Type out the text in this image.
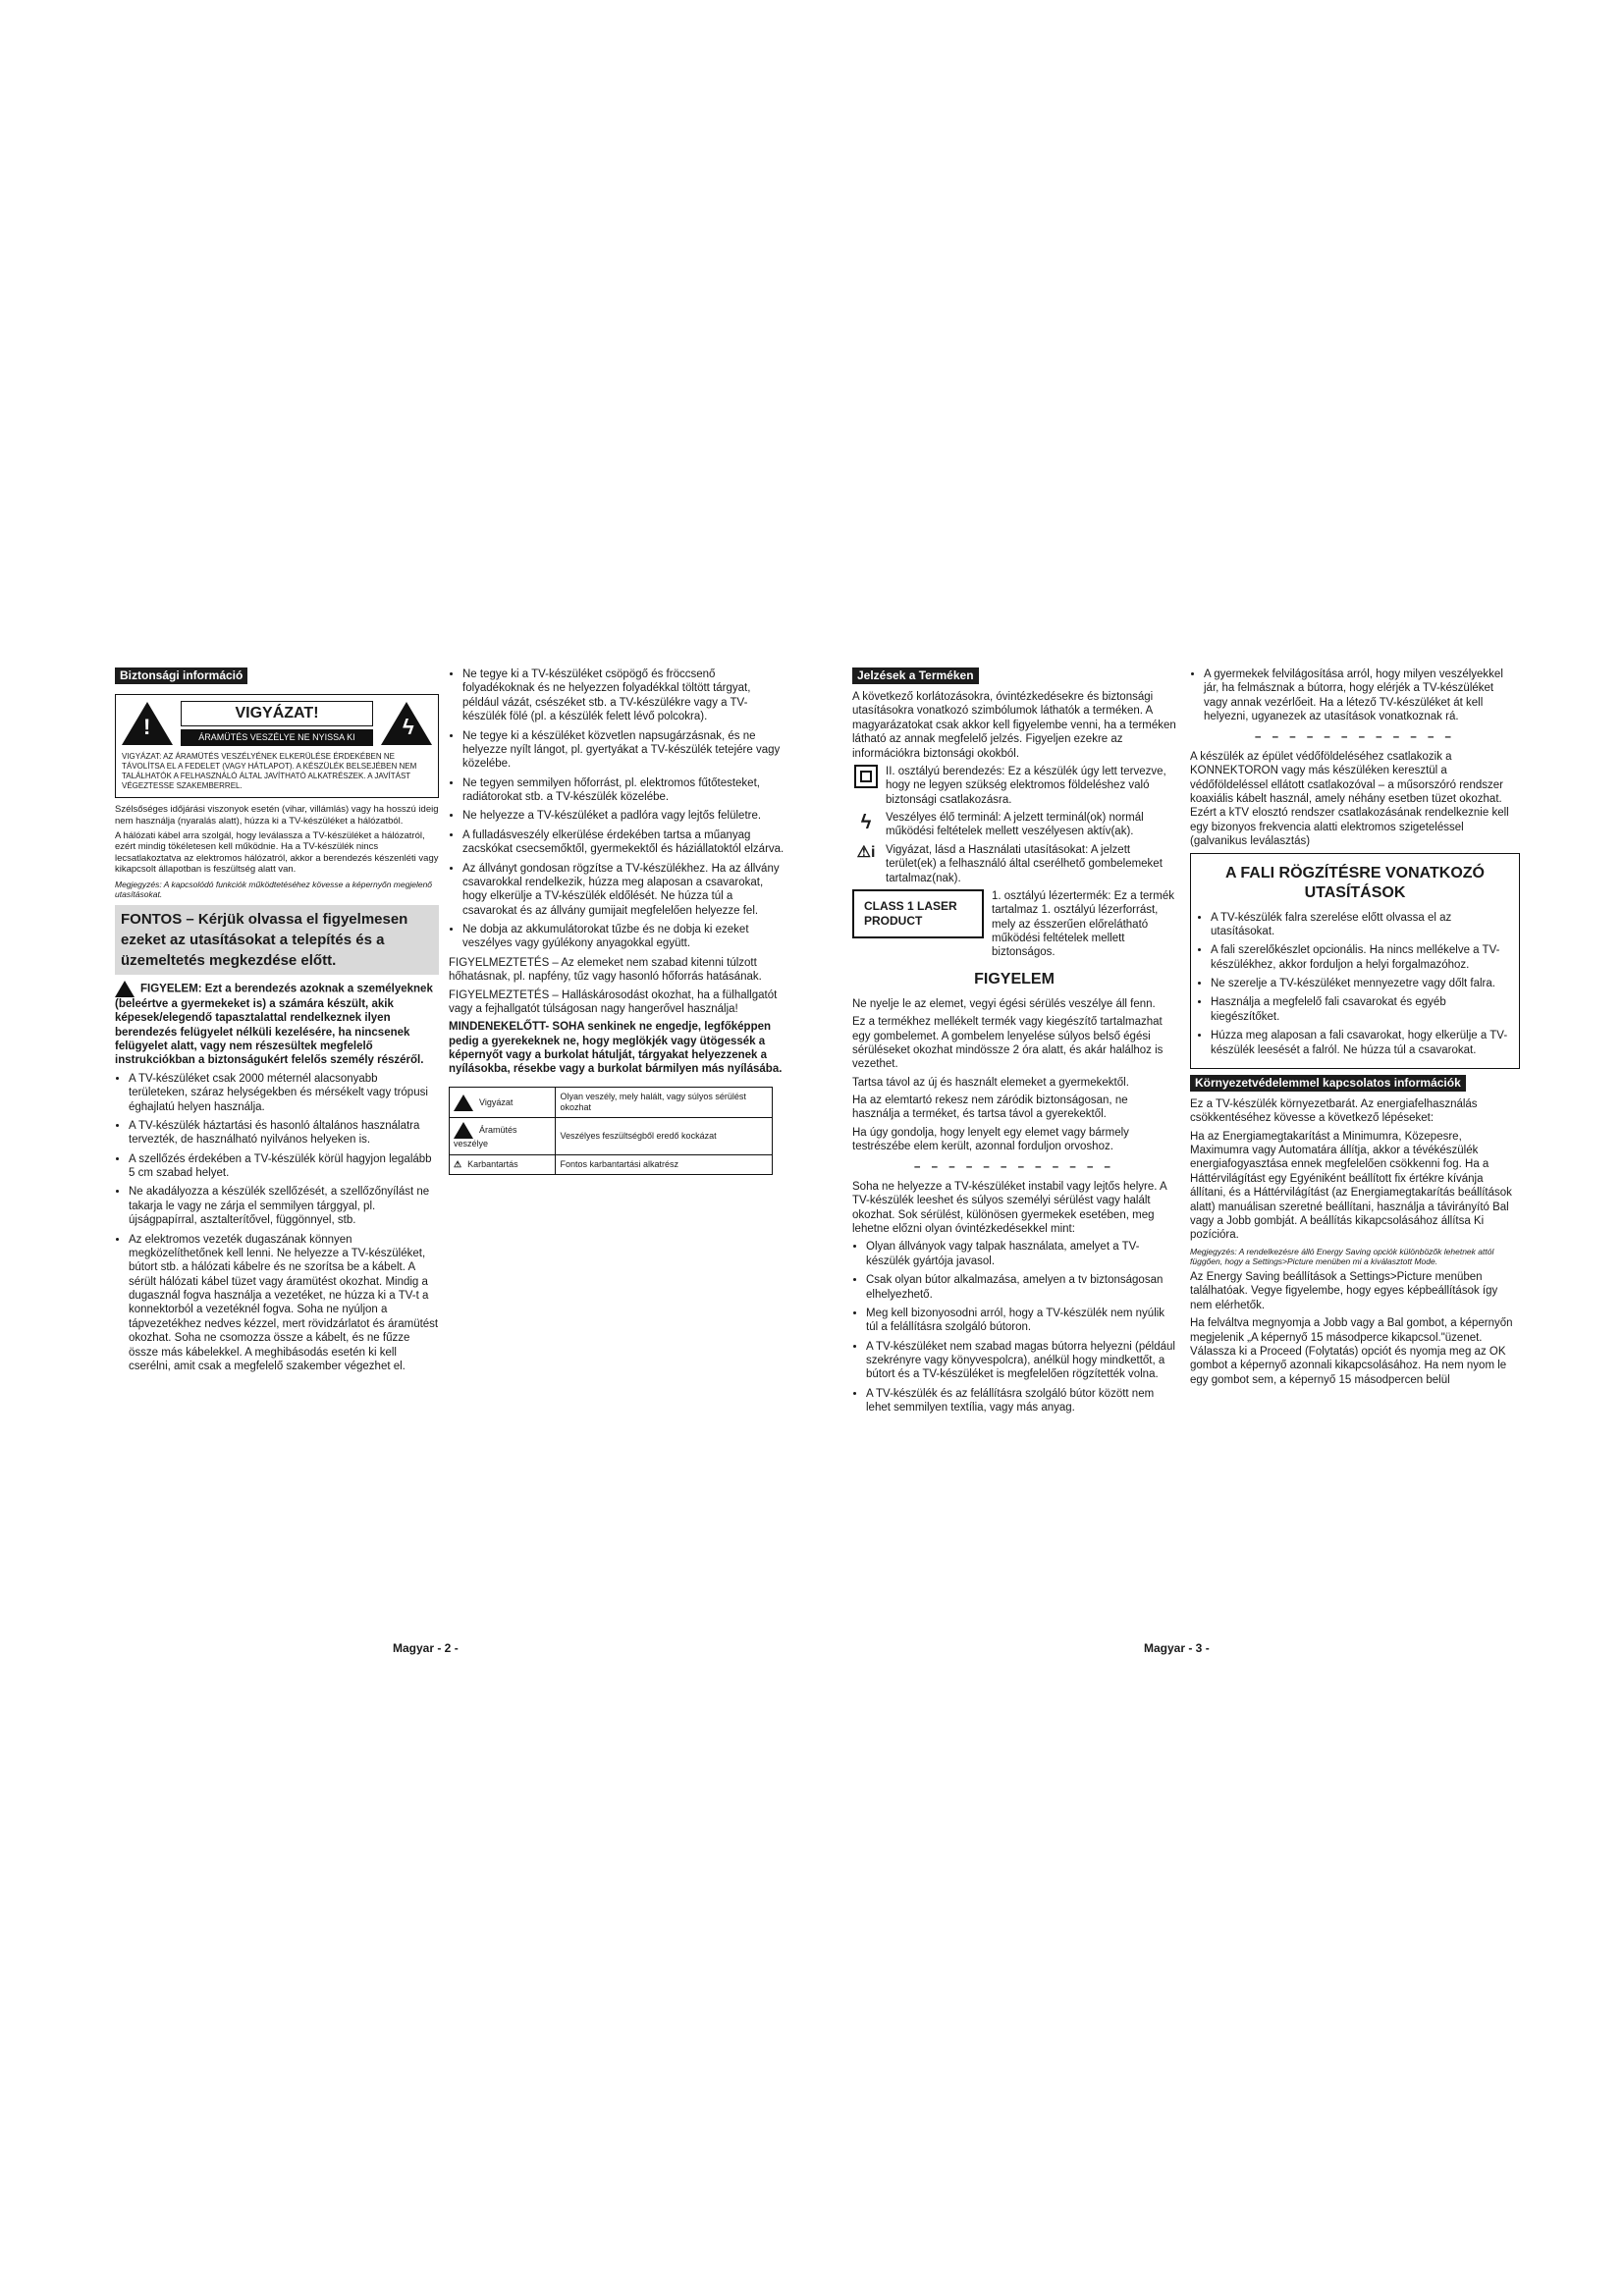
Biztonsági információ
!
VIGYÁZAT!
ÁRAMÜTÉS VESZÉLYE NE NYISSA KI	ϟ
VIGYÁZAT: AZ ÁRAMÜTÉS VESZÉLYÉNEK ELKERÜLÉSE ÉRDEKÉBEN NE TÁVOLÍTSA EL A FEDELET (VAGY HÁTLAPOT). A KÉSZÜLÉK BELSEJÉBEN NEM TALÁLHATÓK A FELHASZNÁLÓ ÁLTAL JAVÍTHATÓ ALKATRÉSZEK. A JAVÍTÁST VÉGEZTESSE SZAKEMBERREL.

Szélsőséges időjárási viszonyok esetén (vihar, villámlás) vagy ha hosszú ideig nem használja (nyaralás alatt), húzza ki a TV-készüléket a hálózatból.

A hálózati kábel arra szolgál, hogy leválassza a TV-készüléket a hálózatról, ezért mindig tökéletesen kell működnie. Ha a TV-készülék nincs lecsatlakoztatva az elektromos hálózatról, akkor a berendezés készenléti vagy kikapcsolt állapotban is feszültség alatt van.

Megjegyzés: A kapcsolódó funkciók működtetéséhez kövesse a képernyőn megjelenő utasításokat.

FONTOS – Kérjük olvassa el figyelmesen ezeket az utasításokat a telepítés és a üzemeltetés megkezdése előtt.

FIGYELEM: Ezt a berendezés azoknak a személyeknek (beleértve a gyermekeket is) a számára készült, akik képesek/elegendő tapasztalattal rendelkeznek ilyen berendezés felügyelet nélküli kezelésére, ha nincsenek felügyelet alatt, vagy nem részesültek megfelelő instrukciókban a biztonságukért felelős személy részéről.

• A TV-készüléket csak 2000 méternél alacsonyabb területeken, száraz helységekben és mérsékelt vagy trópusi éghajlatú helyen használja.
• A TV-készülék háztartási és hasonló általános használatra tervezték, de használható nyilvános helyeken is.
• A szellőzés érdekében a TV-készülék körül hagyjon legalább 5 cm szabad helyet.
• Ne akadályozza a készülék szellőzését, a szellőzőnyílást ne takarja le vagy ne zárja el semmilyen tárggyal, pl. újságpapírral, asztalterítővel, függönnyel, stb.
• Az elektromos vezeték dugaszának könnyen megközelíthetőnek kell lenni. Ne helyezze a TV-készüléket, bútort stb. a hálózati kábelre és ne szorítsa be a kábelt. A sérült hálózati kábel tüzet vagy áramütést okozhat. Mindig a dugasznál fogva használja a vezetéket, ne húzza ki a TV-t a konnektorból a vezetéknél fogva. Soha ne nyúljon a tápvezetékhez nedves kézzel, mert rövidzárlatot és áramütést okozhat. Soha ne csomozza össze a kábelt, és ne fűzze össze más kábelekkel. A meghibásodás esetén ki kell cserélni, amit csak a megfelelő szakember végezhet el.
• Ne tegye ki a TV-készüléket csöpögő és fröccsenő folyadékoknak és ne helyezzen folyadékkal töltött tárgyat, például vázát, csészéket stb. a TV-készülékre vagy a TV-készülék fölé (pl. a készülék felett lévő polcokra).
• Ne tegye ki a készüléket közvetlen napsugárzásnak, és ne helyezze nyílt lángot, pl. gyertyákat a TV-készülék tetejére vagy közelébe.
• Ne tegyen semmilyen hőforrást, pl. elektromos fűtőtesteket, radiátorokat stb. a TV-készülék közelébe.
• Ne helyezze a TV-készüléket a padlóra vagy lejtős felületre.
• A fulladásveszély elkerülése érdekében tartsa a műanyag zacskókat csecsemőktől, gyermekektől és háziállatoktól elzárva.
• Az állványt gondosan rögzítse a TV-készülékhez. Ha az állvány csavarokkal rendelkezik, húzza meg alaposan a csavarokat, hogy elkerülje a TV-készülék eldőlését. Ne húzza túl a csavarokat és az állvány gumijait megfelelően helyezze fel.
• Ne dobja az akkumulátorokat tűzbe és ne dobja ki ezeket veszélyes vagy gyúlékony anyagokkal együtt.

FIGYELMEZTETÉS – Az elemeket nem szabad kitenni túlzott hőhatásnak, pl. napfény, tűz vagy hasonló hőforrás hatásának.

FIGYELMEZTETÉS – Halláskárosodást okozhat, ha a fülhallgatót vagy a fejhallgatót túlságosan nagy hangerővel használja!

MINDENEKELŐTT- SOHA senkinek ne engedje, legfőképpen pedig a gyerekeknek ne, hogy meglökjék vagy ütögessék a képernyőt vagy a burkolat hátulját, tárgyakat helyezzenek a nyílásokba, résekbe vagy a burkolat bármilyen más nyílásába.

Vigyázat	Olyan veszély, mely halált, vagy súlyos sérülést okozhat
Áramütés veszélye	Veszélyes feszültségből eredő kockázat
⚠ Karbantartás	Fontos karbantartási alkatrész
Jelzések a Terméken

A következő korlátozásokra, óvintézkedésekre és biztonsági utasításokra vonatkozó szimbólumok láthatók a terméken. A magyarázatokat csak akkor kell figyelembe venni, ha a terméken látható az annak megfelelő jelzés. Figyeljen ezekre az információkra biztonsági okokból.

II. osztályú berendezés: Ez a készülék úgy lett tervezve, hogy ne legyen szükség elektromos földeléshez való biztonsági csatlakozásra.
ϟ	Veszélyes élő terminál: A jelzett terminál(ok) normál működési feltételek mellett veszélyesen aktív(ak).
⚠i Vigyázat, lásd a Használati utasításokat: A jelzett terület(ek) a felhasználó által cserélhető gombelemeket tartalmaz(nak).
CLASS 1 LASER PRODUCT
1. osztályú lézertermék: Ez a termék tartalmaz 1. osztályú lézerforrást, mely az ésszerűen előrelátható működési feltételek mellett biztonságos.
FIGYELEM

Ne nyelje le az elemet, vegyi égési sérülés veszélye áll fenn.

Ez a termékhez mellékelt termék vagy kiegészítő tartalmazhat egy gombelemet. A gombelem lenyelése súlyos belső égési sérüléseket okozhat mindössze 2 óra alatt, és akár halálhoz is vezethet.

Tartsa távol az új és használt elemeket a gyermekektől.

Ha az elemtartó rekesz nem záródik biztonságosan, ne használja a terméket, és tartsa távol a gyerekektől.

Ha úgy gondolja, hogy lenyelt egy elemet vagy bármely testrészébe elem került, azonnal forduljon orvoshoz.

– – – – – – – – – – – –

Soha ne helyezze a TV-készüléket instabil vagy lejtős helyre. A TV-készülék leeshet és súlyos személyi sérülést vagy halált okozhat. Sok sérülést, különösen gyermekek esetében, meg lehetne előzni olyan óvintézkedésekkel mint:

• Olyan állványok vagy talpak használata, amelyet a TV-készülék gyártója javasol.
• Csak olyan bútor alkalmazása, amelyen a tv biztonságosan elhelyezhető.
• Meg kell bizonyosodni arról, hogy a TV-készülék nem nyúlik túl a felállításra szolgáló bútoron.
• A TV-készüléket nem szabad magas bútorra helyezni (például szekrényre vagy könyvespolcra), anélkül hogy mindkettőt, a bútort és a TV-készüléket is megfelelően rögzítették volna.
• A TV-készülék és az felállításra szolgáló bútor között nem lehet semmilyen textília, vagy más anyag.
• A gyermekek felvilágosítása arról, hogy milyen veszélyekkel jár, ha felmásznak a bútorra, hogy elérjék a TV-készüléket vagy annak vezérlőeit. Ha a létező TV-készüléket át kell helyezni, ugyanezek az utasítások vonatkoznak rá.
– – – – – – – – – – – –

A készülék az épület védőföldeléséhez csatlakozik a KONNEKTORON vagy más készüléken keresztül a védőföldeléssel ellátott csatlakozóval – a műsorszóró rendszer koaxiális kábelt használ, amely néhány esetben tüzet okozhat. Ezért a kTV elosztó rendszer csatlakozásának rendelkeznie kell egy bizonyos frekvencia alatti elektromos szigeteléssel (galvanikus leválasztás)

A FALI RÖGZÍTÉSRE VONATKOZÓ UTASÍTÁSOK
• A TV-készülék falra szerelése előtt olvassa el az utasításokat.
• A fali szerelőkészlet opcionális. Ha nincs mellékelve a TV-készülékhez, akkor forduljon a helyi forgalmazóhoz.
• Ne szerelje a TV-készüléket mennyezetre vagy dőlt falra.
• Használja a megfelelő fali csavarokat és egyéb kiegészítőket.
• Húzza meg alaposan a fali csavarokat, hogy elkerülje a TV-készülék leesését a falról. Ne húzza túl a csavarokat.
Környezetvédelemmel kapcsolatos információk

Ez a TV-készülék környezetbarát. Az energiafelhasználás csökkentéséhez kövesse a következő lépéseket:

Ha az Energiamegtakarítást a Minimumra, Közepesre, Maximumra vagy Automatára állítja, akkor a tévékészülék energiafogyasztása ennek megfelelően csökkenni fog. Ha a Háttérvilágítást egy Egyéniként beállított fix értékre kívánja állítani, és a Háttérvilágítást (az Energiamegtakarítás beállítások alatt) manuálisan szeretné beállítani, használja a távirányító Bal vagy a Jobb gombját. A beállítás kikapcsolásához állítsa Ki pozícióra.

Megjegyzés: A rendelkezésre álló Energy Saving opciók különbözők lehetnek attól függően, hogy a Settings>Picture menüben mi a kiválasztott Mode.

Az Energy Saving beállítások a Settings>Picture menüben találhatóak. Vegye figyelembe, hogy egyes képbeállítások így nem elérhetők.

Ha felváltva megnyomja a Jobb vagy a Bal gombot, a képernyőn megjelenik „A képernyő 15 másodperce kikapcsol."üzenet. Válassza ki a Proceed (Folytatás) opciót és nyomja meg az OK gombot a képernyő azonnali kikapcsolásához. Ha nem nyom le egy gombot sem, a képernyő 15 másodpercen belül

Magyar - 2 -	Magyar - 3 -
